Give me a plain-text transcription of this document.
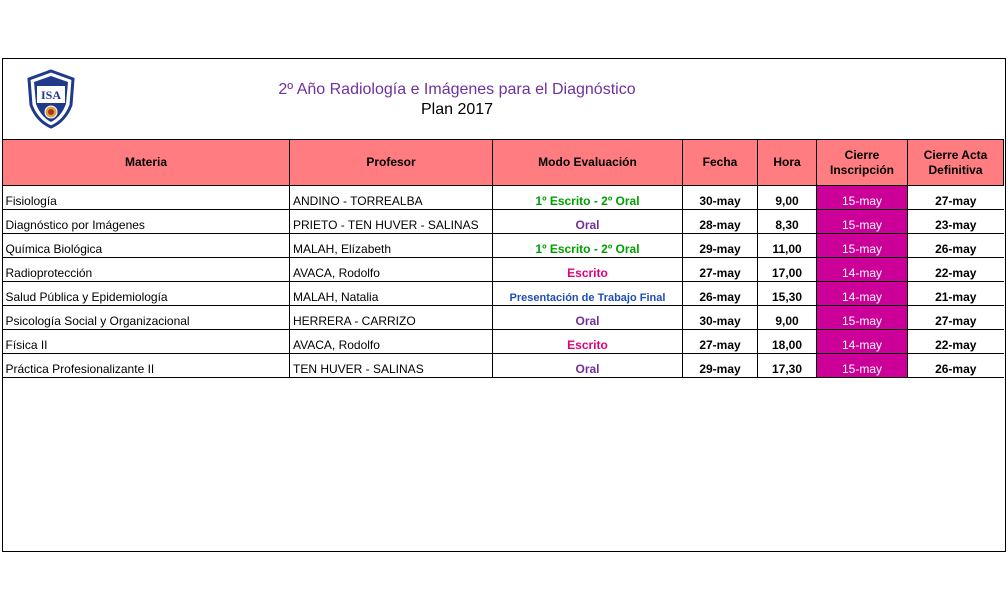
ISA	2º Año Radiología e Imágenes para el Diagnóstico
Plan 2017
Materia	Profesor	Modo Evaluación	Fecha	Hora	Cierre Inscripción	Cierre Acta Definitiva
Fisiología	ANDINO - TORREALBA	1º Escrito - 2º Oral	30-may	9,00	15-may	27-may
Diagnóstico por Imágenes	PRIETO - TEN HUVER - SALINAS	Oral	28-may	8,30	15-may	23-may
Química Biológica	MALAH, Elízabeth	1º Escrito - 2º Oral	29-may	11,00	15-may	26-may
Radioprotección	AVACA, Rodolfo	Escrito	27-may	17,00	14-may	22-may
Salud Pública y Epidemiología	MALAH, Natalia	Presentación de Trabajo Final	26-may	15,30	14-may	21-may
Psicología Social y Organizacional	HERRERA - CARRIZO	Oral	30-may	9,00	15-may	27-may
Física II	AVACA, Rodolfo	Escrito	27-may	18,00	14-may	22-may
Práctica Profesionalizante II	TEN HUVER - SALINAS	Oral	29-may	17,30	15-may	26-may
